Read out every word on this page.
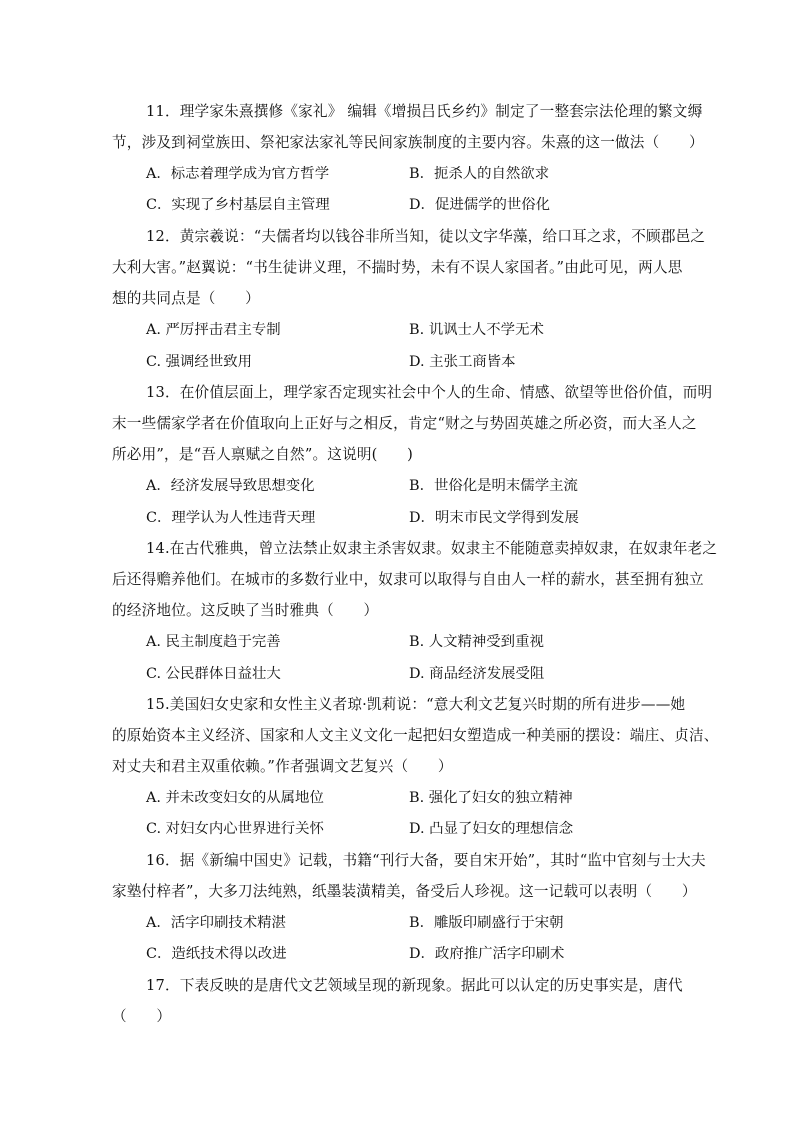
11．理学家朱熹撰修《家礼》 编辑《增损吕氏乡约》制定了一整套宗法伦理的繁文缛
节，涉及到祠堂族田、祭祀家法家礼等民间家族制度的主要内容。朱熹的这一做法（　　）
A．标志着理学成为官方哲学	B．扼杀人的自然欲求
C．实现了乡村基层自主管理	D．促进儒学的世俗化
12．黄宗羲说：“夫儒者均以钱谷非所当知，徒以文字华藻，给口耳之求，不顾郡邑之
大利大害。”赵翼说：“书生徒讲义理，不揣时势，未有不误人家国者。”由此可见，两人思
想的共同点是（　　）
A. 严厉抨击君主专制	B. 讥讽士人不学无术
C. 强调经世致用	D. 主张工商皆本
13．在价值层面上，理学家否定现实社会中个人的生命、情感、欲望等世俗价值，而明
末一些儒家学者在价值取向上正好与之相反，肯定“财之与势固英雄之所必资，而大圣人之
所必用”，是“吾人禀赋之自然”。这说明(　　)
A．经济发展导致思想变化	B．世俗化是明末儒学主流
C．理学认为人性违背天理	D．明末市民文学得到发展
14.在古代雅典，曾立法禁止奴隶主杀害奴隶。奴隶主不能随意卖掉奴隶，在奴隶年老之
后还得赡养他们。在城市的多数行业中，奴隶可以取得与自由人一样的薪水，甚至拥有独立
的经济地位。这反映了当时雅典（　　）
A. 民主制度趋于完善	B. 人文精神受到重视
C. 公民群体日益壮大	D. 商品经济发展受阻
15.美国妇女史家和女性主义者琼·凯莉说：“意大利文艺复兴时期的所有进步——她
的原始资本主义经济、国家和人文主义文化一起把妇女塑造成一种美丽的摆设：端庄、贞洁、
对丈夫和君主双重依赖。”作者强调文艺复兴（　　）
A. 并未改变妇女的从属地位	B. 强化了妇女的独立精神
C. 对妇女内心世界进行关怀	D. 凸显了妇女的理想信念
16．据《新编中国史》记载，书籍“刊行大备，要自宋开始”，其时“监中官刻与士大夫
家塾付梓者”，大多刀法纯熟，纸墨装潢精美，备受后人珍视。这一记载可以表明（　　）
A．活字印刷技术精湛	B．雕版印刷盛行于宋朝
C．造纸技术得以改进	D．政府推广活字印刷术
17．下表反映的是唐代文艺领域呈现的新现象。据此可以认定的历史事实是，唐代
（　　）
